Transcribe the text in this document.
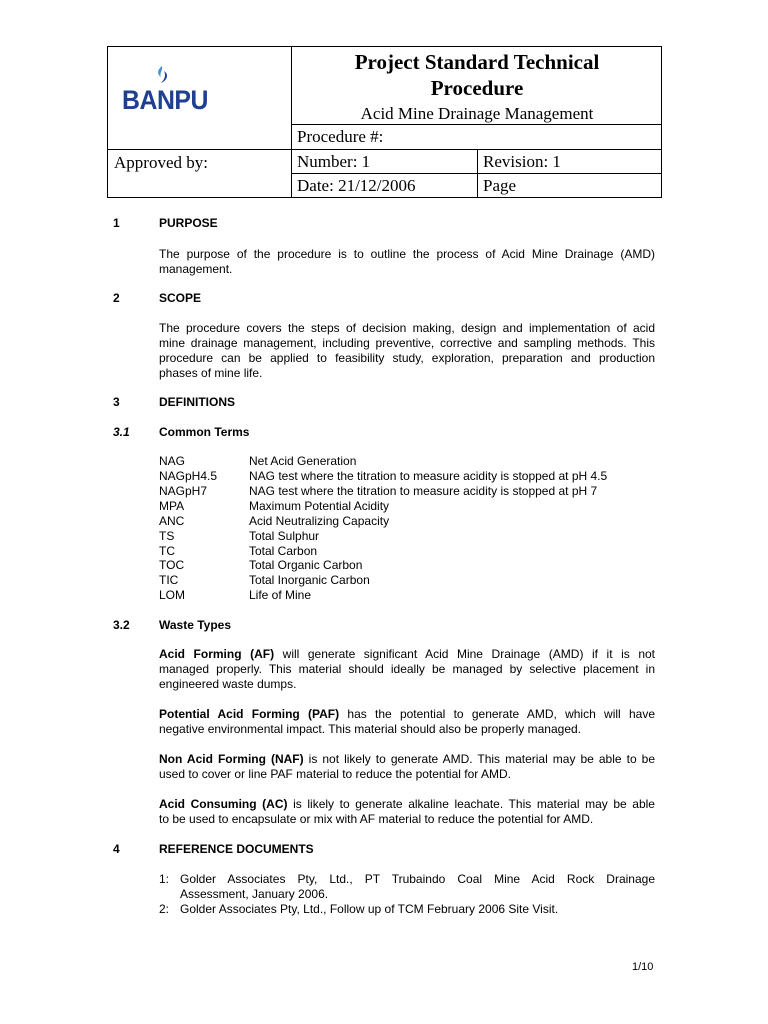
BANPU
Project Standard Technical
Procedure
Acid Mine Drainage Management
Procedure #:
Approved by:	Number: 1	Revision: 1
Date: 21/12/2006	Page
1	PURPOSE
The purpose of the procedure is to outline the process of Acid Mine Drainage (AMD)
management.
2	SCOPE
The procedure covers the steps of decision making, design and implementation of acid
mine drainage management, including preventive, corrective and sampling methods. This
procedure can be applied to feasibility study, exploration, preparation and production
phases of mine life.
3	DEFINITIONS
3.1 Common Terms
NAG	Net Acid Generation
NAGpH4.5	NAG test where the titration to measure acidity is stopped at pH 4.5
NAGpH7	NAG test where the titration to measure acidity is stopped at pH 7
MPA	Maximum Potential Acidity
ANC	Acid Neutralizing Capacity
TS	Total Sulphur
TC	Total Carbon
TOC	Total Organic Carbon
TIC	Total Inorganic Carbon
LOM	Life of Mine
3.2 Waste Types
Acid Forming (AF) will generate significant Acid Mine Drainage (AMD) if it is not
managed properly. This material should ideally be managed by selective placement in
engineered waste dumps.
Potential Acid Forming (PAF) has the potential to generate AMD, which will have
negative environmental impact. This material should also be properly managed.
Non Acid Forming (NAF) is not likely to generate AMD. This material may be able to be
used to cover or line PAF material to reduce the potential for AMD.
Acid Consuming (AC) is likely to generate alkaline leachate. This material may be able
to be used to encapsulate or mix with AF material to reduce the potential for AMD.
4	REFERENCE DOCUMENTS
1: Golder Associates Pty, Ltd., PT Trubaindo Coal Mine Acid Rock Drainage
Assessment, January 2006.
2: Golder Associates Pty, Ltd., Follow up of TCM February 2006 Site Visit.
1/10
